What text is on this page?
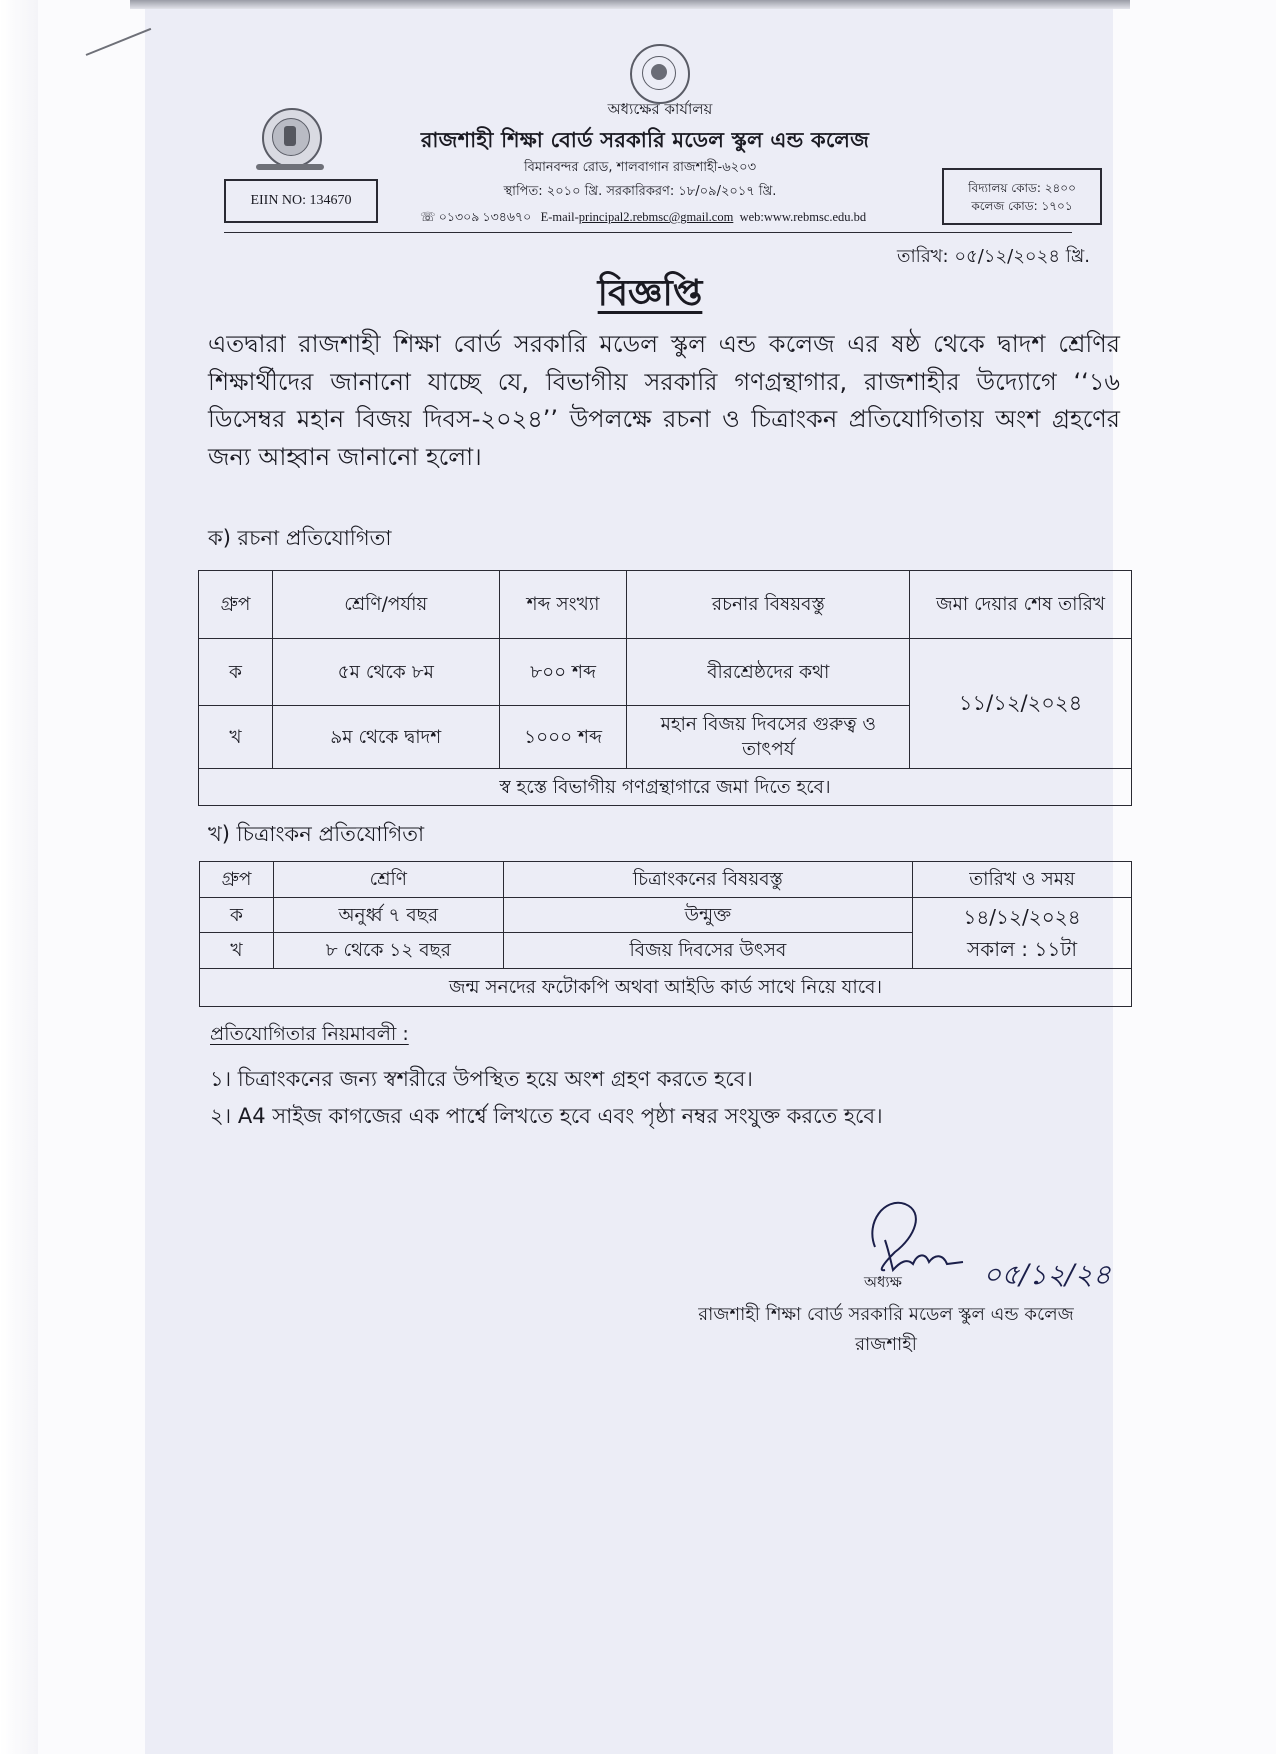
অধ্যক্ষের কার্যালয়
রাজশাহী শিক্ষা বোর্ড সরকারি মডেল স্কুল এন্ড কলেজ
বিমানবন্দর রোড, শালবাগান রাজশাহী-৬২০৩
স্থাপিত: ২০১০ খ্রি. সরকারিকরণ: ১৮/০৯/২০১৭ খ্রি.
☏ ০১৩০৯ ১৩৪৬৭০ E-mail-principal2.rebmsc@gmail.com web:www.rebmsc.edu.bd
EIIN NO: 134670
বিদ্যালয় কোড: ২৪০০
কলেজ কোড: ১৭০১
তারিখ: ০৫/১২/২০২৪ খ্রি.
বিজ্ঞপ্তি
এতদ্বারা রাজশাহী শিক্ষা বোর্ড সরকারি মডেল স্কুল এন্ড কলেজ এর ষষ্ঠ থেকে দ্বাদশ শ্রেণির শিক্ষার্থীদের জানানো যাচ্ছে যে, বিভাগীয় সরকারি গণগ্রন্থাগার, রাজশাহীর উদ্যোগে ‘‘১৬ ডিসেম্বর মহান বিজয় দিবস-২০২৪’’ উপলক্ষে রচনা ও চিত্রাংকন প্রতিযোগিতায় অংশ গ্রহণের জন্য আহ্বান জানানো হলো।
ক) রচনা প্রতিযোগিতা
গ্রুপ	শ্রেণি/পর্যায়	শব্দ সংখ্যা	রচনার বিষয়বস্তু	জমা দেয়ার শেষ তারিখ
ক	৫ম থেকে ৮ম	৮০০ শব্দ	বীরশ্রেষ্ঠদের কথা	১১/১২/২০২৪
খ	৯ম থেকে দ্বাদশ	১০০০ শব্দ	মহান বিজয় দিবসের গুরুত্ব ও তাৎপর্য	
স্ব হস্তে বিভাগীয় গণগ্রন্থাগারে জমা দিতে হবে।				
খ) চিত্রাংকন প্রতিযোগিতা
গ্রুপ	শ্রেণি	চিত্রাংকনের বিষয়বস্তু	তারিখ ও সময়
ক	অনুর্ধ্ব ৭ বছর	উন্মুক্ত	১৪/১২/২০২৪
সকাল : ১১টা
খ	৮ থেকে ১২ বছর	বিজয় দিবসের উৎসব	
জন্ম সনদের ফটোকপি অথবা আইডি কার্ড সাথে নিয়ে যাবে।			
প্রতিযোগিতার নিয়মাবলী :
১। চিত্রাংকনের জন্য স্বশরীরে উপস্থিত হয়ে অংশ গ্রহণ করতে হবে।
২। A4 সাইজ কাগজের এক পার্শ্বে লিখতে হবে এবং পৃষ্ঠা নম্বর সংযুক্ত করতে হবে।
০৫/১২/২৪
অধ্যক্ষ
রাজশাহী শিক্ষা বোর্ড সরকারি মডেল স্কুল এন্ড কলেজ
রাজশাহী
